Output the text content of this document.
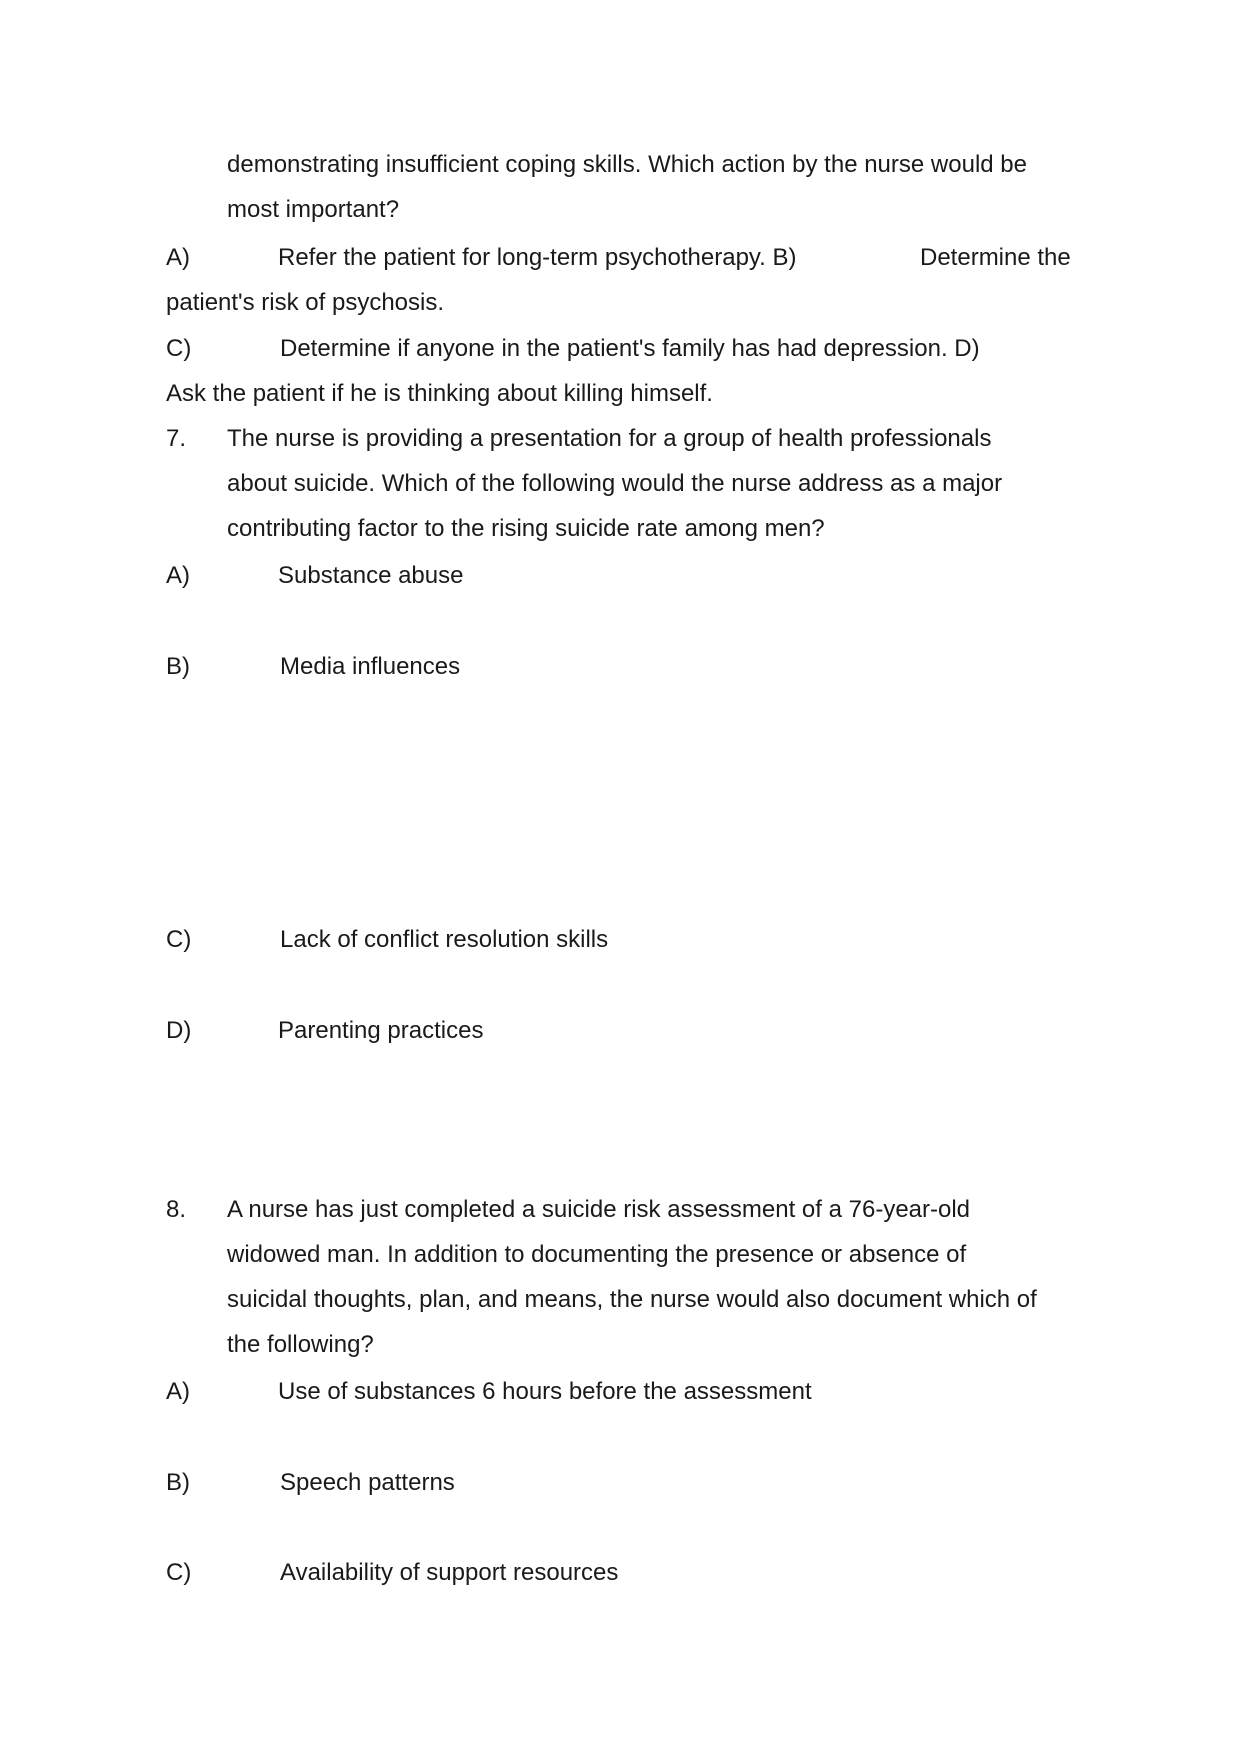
demonstrating insufficient coping skills. Which action by the nurse would be
most important?
A)	Refer the patient for long-term psychotherapy. B)	Determine the
patient's risk of psychosis.
C)	Determine if anyone in the patient's family has had depression. D)
Ask the patient if he is thinking about killing himself.
7. The nurse is providing a presentation for a group of health professionals
about suicide. Which of the following would the nurse address as a major
contributing factor to the rising suicide rate among men?
A)	Substance abuse
B)	Media influences
C)	Lack of conflict resolution skills
D)	Parenting practices
8. A nurse has just completed a suicide risk assessment of a 76-year-old
widowed man. In addition to documenting the presence or absence of
suicidal thoughts, plan, and means, the nurse would also document which of
the following?
A)	Use of substances 6 hours before the assessment
B)	Speech patterns
C)	Availability of support resources
